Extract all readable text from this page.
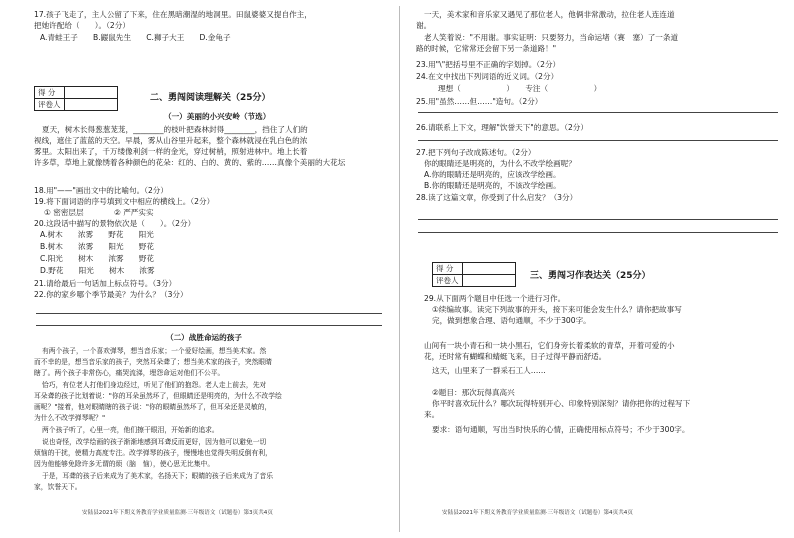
17.孩子飞走了，主人公留了下来，住在黑暗潮湿的地洞里。田鼠婆婆又提自作主，
把她许配给（　　）。（2分）
A.青蛙王子　　B.鼹鼠先生　　C.狮子大王　　D.金龟子
得 分	
评卷人	
二、勇闯阅读理解关（25分）
（一）美丽的小兴安岭（节选）
夏天，树木长得葱葱茏茏，________的枝叶把森林封得________，挡住了人们的
视线，遮住了蓝蓝的天空。早晨，雾从山谷里升起来，整个森林就浸在乳白色的浓
雾里。太阳出来了，千万缕像利剑一样的金光，穿过树梢，照射进林中。地上长着
许多草，草地上就像绣着各种颜色的花朵：红的、白的、黄的、紫的……真像个美丽的大花坛
18.用"——"画出文中的比喻句。（2分）
19.将下面词语的序号填到文中相应的横线上。（2分）
① 密密层层　　　　② 严严实实
20.这段话中描写的景物依次是（　　）。（2分）
A.树木　　浓雾　　野花　　阳光
B.树木　　浓雾　　阳光　　野花
C.阳光　　树木　　浓雾　　野花
D.野花　　阳光　　树木　　浓雾
21.请给最后一句话加上标点符号。（3分）
22.你的家乡哪个季节最美？为什么？（3分）
（二）战胜命运的孩子
有两个孩子，一个喜欢弹琴，想当音乐家；一个爱好绘画，想当美术家。然
而不幸的是，想当音乐家的孩子，突然耳朵聋了；想当美术家的孩子，突然眼睛
瞎了。两个孩子非常伤心，痛哭流涕，埋怨命运对他们不公平。
恰巧，有位老人打他们身边经过，听见了他们的抱怨。老人走上前去，先对
耳朵聋的孩子比划着说："你的耳朵虽然坏了，但眼睛还是明亮的，为什么不改学绘
画呢？"接着，他对眼睛瞎的孩子说："你的眼睛虽然坏了，但耳朵还是灵敏的，
为什么不改学弹琴呢？"
两个孩子听了，心里一亮，他们擦干眼泪，开始新的追求。
说也奇怪，改学绘画的孩子渐渐地感到耳聋反而更好，因为他可以避免一切
烦恼的干扰，使精力高度专注。改学弹琴的孩子，慢慢地也觉得失明反倒有利，
因为他能够免除许多无谓的烦（脑　恼），使心思无比集中。
于是，耳聋的孩子后来成为了美术家，名扬天下；眼睛的孩子后来成为了音乐
家，饮誉天下。
安陆县2021年下期义务教育学业质量监测·三年级语文（试题卷）第3页共4页
一天，美术家和音乐家又遇见了那位老人，他俩非常激动，拉住老人连连道
谢。
老人笑着说："不用谢。事实证明：只要努力，当命运堵（赛　塞）了一条道
路的时候，它常常还会留下另一条道路！"
23.用"\"把括号里不正确的字划掉。（2分）
24.在文中找出下列词语的近义词。（2分）
理想（　　　　　　）　　专注（　　　　　　）
25.用"虽然……但……"造句。（2分）
26.请联系上下文，理解"饮誉天下"的意思。（2分）
27.把下列句子改成陈述句。（2分）
你的眼睛还是明亮的，为什么不改学绘画呢？
A.你的眼睛还是明亮的，应该改学绘画。
B.你的眼睛还是明亮的，不该改学绘画。
28.读了这篇文章，你受到了什么启发？（3分）
得 分	
评卷人		三、勇闯习作表达关（25分）
29.从下面两个题目中任选一个进行习作。
①续编故事。读完下列故事的开头，接下来可能会发生什么？请你把故事写
完，做到想象合理、语句通顺，不少于300字。
山间有一块小青石和一块小黑石，它们身旁长着柔软的青草，开着可爱的小
花，还时常有蝴蝶和蜻蜓飞来，日子过得平静而舒适。
这天，山里来了一群采石工人……
②题目：那次玩得真高兴
你平时喜欢玩什么？哪次玩得特别开心、印象特别深刻？请你把你的过程写下
来。
要求：语句通顺，写出当时快乐的心情，正确使用标点符号；不少于300字。
安陆县2021年下期义务教育学业质量监测·三年级语文（试题卷）第4页共4页
